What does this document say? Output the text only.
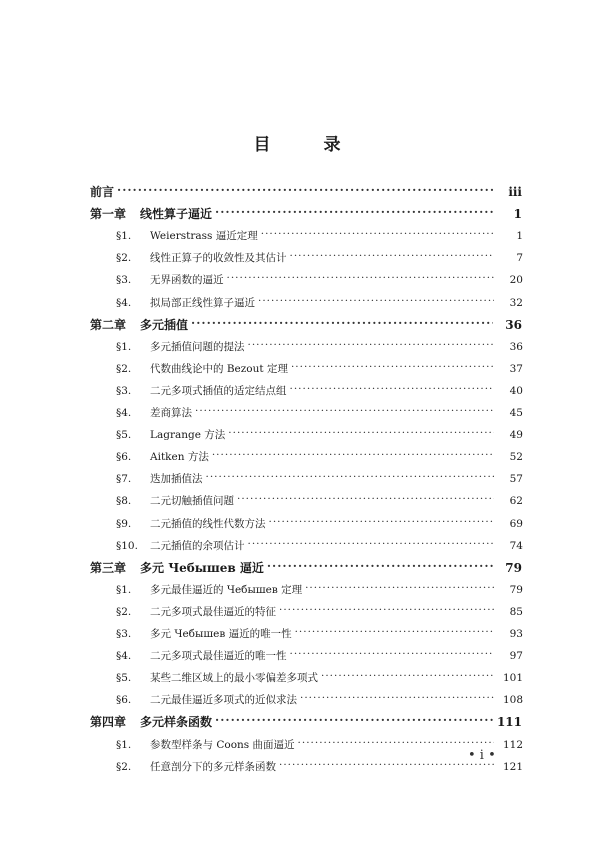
目	录
前言 ·····	iii
第一章 线性算子逼近 ·····	1
§1.	Weierstrass 逼近定理 ·····	1
§2.	线性正算子的收敛性及其估计 ·····	7
§3.	无界函数的逼近 ·····	20
§4.	拟局部正线性算子逼近 ·····	32
第二章 多元插值 ·····	36
§1.	多元插值问题的提法 ·····	36
§2.	代数曲线论中的 Bezout 定理 ·····	37
§3.	二元多项式插值的适定结点组 ·····	40
§4.	差商算法 ·····	45
§5.	Lagrange 方法 ·····	49
§6.	Aitken 方法 ·····	52
§7.	迭加插值法 ·····	57
§8.	二元切触插值问题 ·····	62
§9.	二元插值的线性代数方法 ·····	69
§10.	二元插值的余项估计 ·····	74
第三章 多元 Чебышев 逼近 ·····	79
§1.	多元最佳逼近的 Чебышев 定理 ·····	79
§2.	二元多项式最佳逼近的特征 ·····	85
§3.	多元 Чебышев 逼近的唯一性 ·····	93
§4.	二元多项式最佳逼近的唯一性 ·····	97
§5.	某些二维区域上的最小零偏差多项式 ·····	101
§6.	二元最佳逼近多项式的近似求法 ·····	108
第四章 多元样条函数 ·····	111
§1.	参数型样条与 Coons 曲面逼近 ·····	112
§2.	任意剖分下的多元样条函数 ·····	121
• i •
